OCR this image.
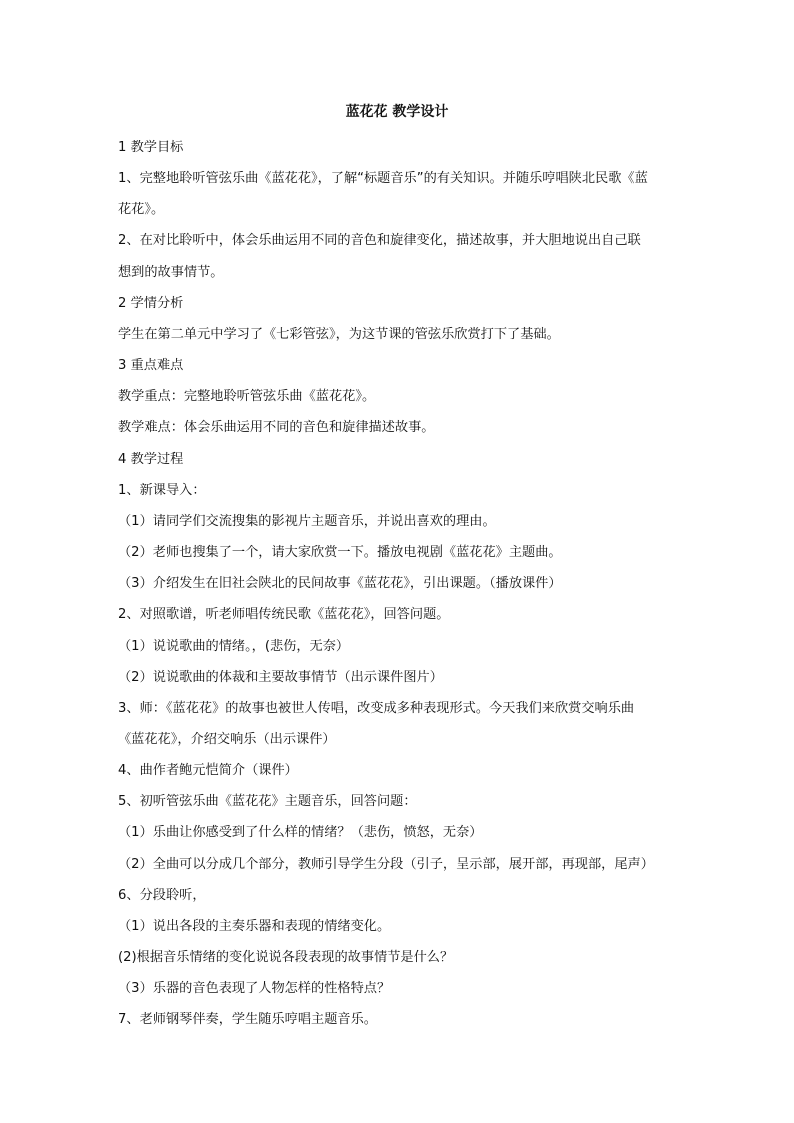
蓝花花 教学设计

1 教学目标

1、完整地聆听管弦乐曲《蓝花花》，了解“标题音乐”的有关知识。并随乐哼唱陕北民歌《蓝

花花》。

2、在对比聆听中，体会乐曲运用不同的音色和旋律变化，描述故事，并大胆地说出自己联

想到的故事情节。

2 学情分析

学生在第二单元中学习了《七彩管弦》，为这节课的管弦乐欣赏打下了基础。

3 重点难点

教学重点：完整地聆听管弦乐曲《蓝花花》。

教学难点：体会乐曲运用不同的音色和旋律描述故事。

4 教学过程

1、新课导入：

（1）请同学们交流搜集的影视片主题音乐，并说出喜欢的理由。

（2）老师也搜集了一个，请大家欣赏一下。播放电视剧《蓝花花》主题曲。

（3）介绍发生在旧社会陕北的民间故事《蓝花花》，引出课题。（播放课件）

2、对照歌谱，听老师唱传统民歌《蓝花花》，回答问题。

（1）说说歌曲的情绪。，(悲伤，无奈）

（2）说说歌曲的体裁和主要故事情节（出示课件图片）

3、师：《蓝花花》的故事也被世人传唱，改变成多种表现形式。今天我们来欣赏交响乐曲

《蓝花花》，介绍交响乐（出示课件）

4、曲作者鲍元恺简介（课件）

5、初听管弦乐曲《蓝花花》主题音乐，回答问题：

（1）乐曲让你感受到了什么样的情绪？（悲伤，愤怒，无奈）

（2）全曲可以分成几个部分，教师引导学生分段（引子，呈示部，展开部，再现部，尾声）

6、分段聆听，

（1）说出各段的主奏乐器和表现的情绪变化。

(2)根据音乐情绪的变化说说各段表现的故事情节是什么？

（3）乐器的音色表现了人物怎样的性格特点？

7、老师钢琴伴奏，学生随乐哼唱主题音乐。
